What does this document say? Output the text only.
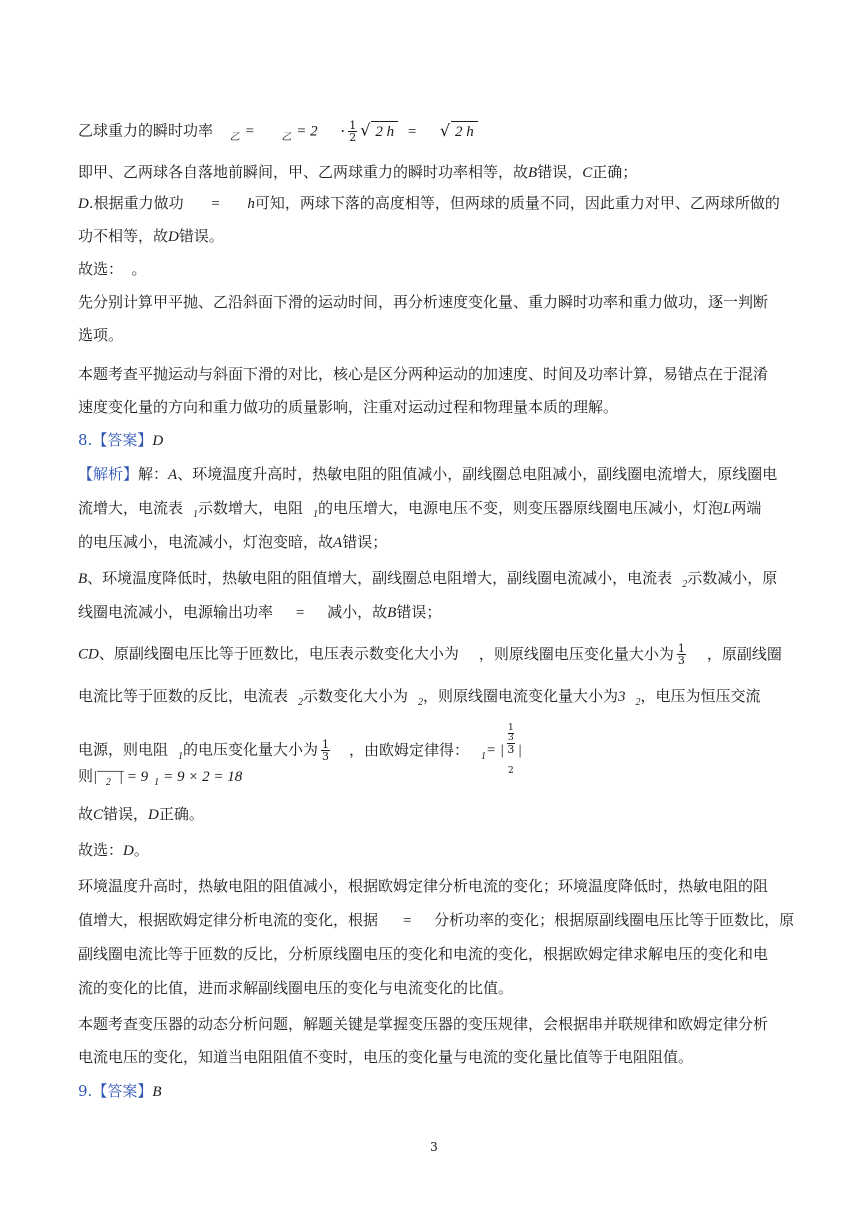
乙球重力的瞬时功率 $_乙$ =	$_乙 = 2 \cdot \frac{1}{2}$ √ 2 h = √ 2 h
即甲、乙两球各自落地前瞬间，甲、乙两球重力的瞬时功率相等，故B错误，C正确；
D.根据重力做功 = h可知，两球下落的高度相等，但两球的质量不同，因此重力对甲、乙两球所做的
功不相等，故D错误。
故选： 。
先分别计算甲平抛、乙沿斜面下滑的运动时间，再分析速度变化量、重力瞬时功率和重力做功，逐一判断
选项。
本题考查平抛运动与斜面下滑的对比，核心是区分两种运动的加速度、时间及功率计算，易错点在于混淆
速度变化量的方向和重力做功的质量影响，注重对运动过程和物理量本质的理解。
8.【答案】D
【解析】解：A、环境温度升高时，热敏电阻的阻值减小，副线圈总电阻减小，副线圈电流增大，原线圈电
流增大，电流表 $_1$示数增大，电阻 $_1$的电压增大，电源电压不变，则变压器原线圈电压减小，灯泡L两端
的电压减小，电流减小，灯泡变暗，故A错误；
B、环境温度降低时，热敏电阻的阻值增大，副线圈总电阻增大，副线圈电流减小，电流表 $_2$示数减小，原
线圈电流减小，电源输出功率 = 减小，故B错误；
CD、原副线圈电压比等于匝数比，电压表示数变化大小为 ，则原线圈电压变化量大小为 $\frac{1}{3}$ ，原副线圈
电流比等于匝数的反比，电流表 $_2$示数变化大小为 $_2$，则原线圈电流变化量大小为3 $_2$，电压为恒压交流
电源，则电阻 $_1$的电压变化量大小为 $\frac{1}{3}$ ，由欧姆定律得： $_1$= | $\frac{1}{3}$
3

2 |
则$|——_2$ | = 9 $_1$ = 9 × 2 = 18
故C错误，D正确。
故选：D。
环境温度升高时，热敏电阻的阻值减小，根据欧姆定律分析电流的变化；环境温度降低时，热敏电阻的阻
值增大，根据欧姆定律分析电流的变化，根据 = 分析功率的变化；根据原副线圈电压比等于匝数比，原
副线圈电流比等于匝数的反比，分析原线圈电压的变化和电流的变化，根据欧姆定律求解电压的变化和电
流的变化的比值，进而求解副线圈电压的变化与电流变化的比值。
本题考查变压器的动态分析问题，解题关键是掌握变压器的变压规律，会根据串并联规律和欧姆定律分析
电流电压的变化，知道当电阻阻值不变时，电压的变化量与电流的变化量比值等于电阻阻值。
9.【答案】B
3
